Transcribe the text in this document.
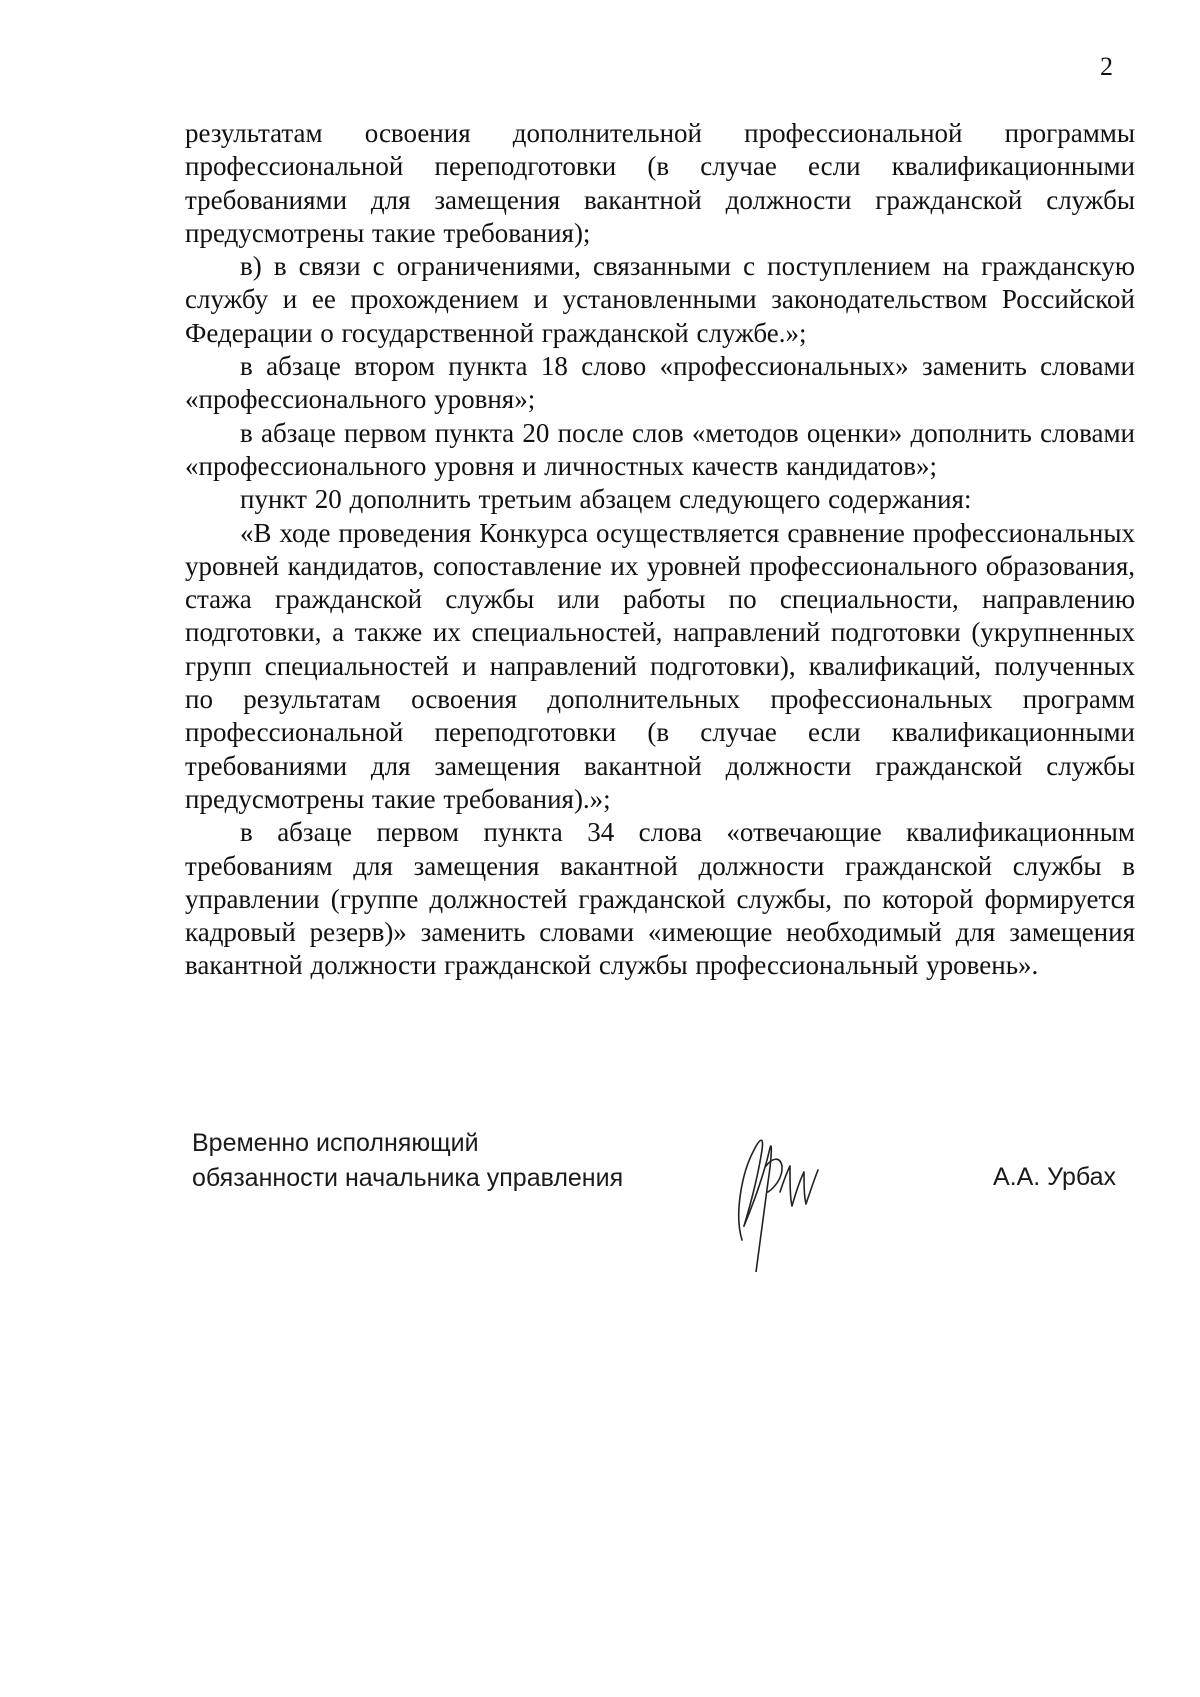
2

результатам освоения дополнительной профессиональной программы профессиональной переподготовки (в случае если квалификационными требованиями для замещения вакантной должности гражданской службы предусмотрены такие требования);

в) в связи с ограничениями, связанными с поступлением на гражданскую службу и ее прохождением и установленными законодательством Российской Федерации о государственной гражданской службе.»;

в абзаце втором пункта 18 слово «профессиональных» заменить словами «профессионального уровня»;

в абзаце первом пункта 20 после слов «методов оценки» дополнить словами «профессионального уровня и личностных качеств кандидатов»;

пункт 20 дополнить третьим абзацем следующего содержания:

«В ходе проведения Конкурса осуществляется сравнение профессиональных уровней кандидатов, сопоставление их уровней профессионального образования, стажа гражданской службы или работы по специальности, направлению подготовки, а также их специальностей, направлений подготовки (укрупненных групп специальностей и направлений подготовки), квалификаций, полученных по результатам освоения дополнительных профессиональных программ профессиональной переподготовки (в случае если квалификационными требованиями для замещения вакантной должности гражданской службы предусмотрены такие требования).»;

в абзаце первом пункта 34 слова «отвечающие квалификационным требованиям для замещения вакантной должности гражданской службы в управлении (группе должностей гражданской службы, по которой формируется кадровый резерв)» заменить словами «имеющие необходимый для замещения вакантной должности гражданской службы профессиональный уровень».

Временно исполняющий
обязанности начальника управления	А.А. Урбах
